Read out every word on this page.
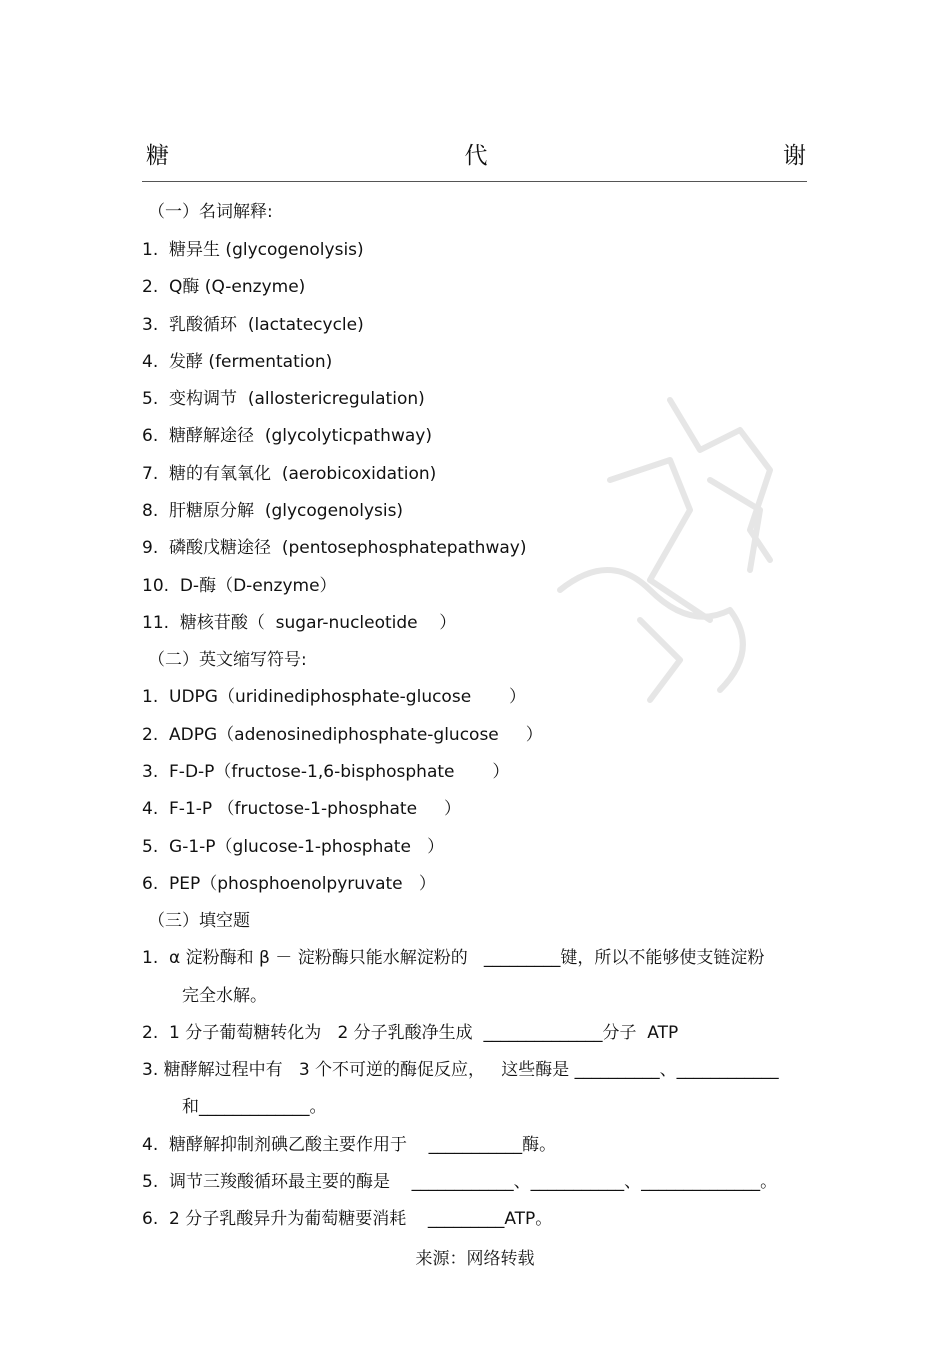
糖	代	谢
（一）名词解释:
1.  糖异生 (glycogenolysis)
2.  Q酶 (Q-enzyme)
3.  乳酸循环  (lactatecycle)
4.  发酵 (fermentation)
5.  变构调节  (allostericregulation)
6.  糖酵解途径  (glycolyticpathway)
7.  糖的有氧氧化  (aerobicoxidation)
8.  肝糖原分解  (glycogenolysis)
9.  磷酸戊糖途径  (pentosephosphatepathway)
10.  D-酶（D-enzyme）
11.  糖核苷酸（  sugar-nucleotide    ）
（二）英文缩写符号:
1.  UDPG（uridinediphosphate-glucose       ）
2.  ADPG（adenosinediphosphate-glucose     ）
3.  F-D-P（fructose-1,6-bisphosphate       ）
4.  F-1-P （fructose-1-phosphate     ）
5.  G-1-P（glucose-1-phosphate   ）
6.  PEP（phosphoenolpyruvate   ）
（三）填空题
1.  α 淀粉酶和 β － 淀粉酶只能水解淀粉的   _________键，所以不能够使支链淀粉
完全水解。
2.  1 分子葡萄糖转化为   2 分子乳酸净生成  ______________分子  ATP
3. 糖酵解过程中有   3 个不可逆的酶促反应，   这些酶是 __________、____________
和_____________。
4.  糖酵解抑制剂碘乙酸主要作用于    ___________酶。
5.  调节三羧酸循环最主要的酶是    ____________、___________、______________。
6.  2 分子乳酸异升为葡萄糖要消耗    _________ATP。
来源：网络转载
